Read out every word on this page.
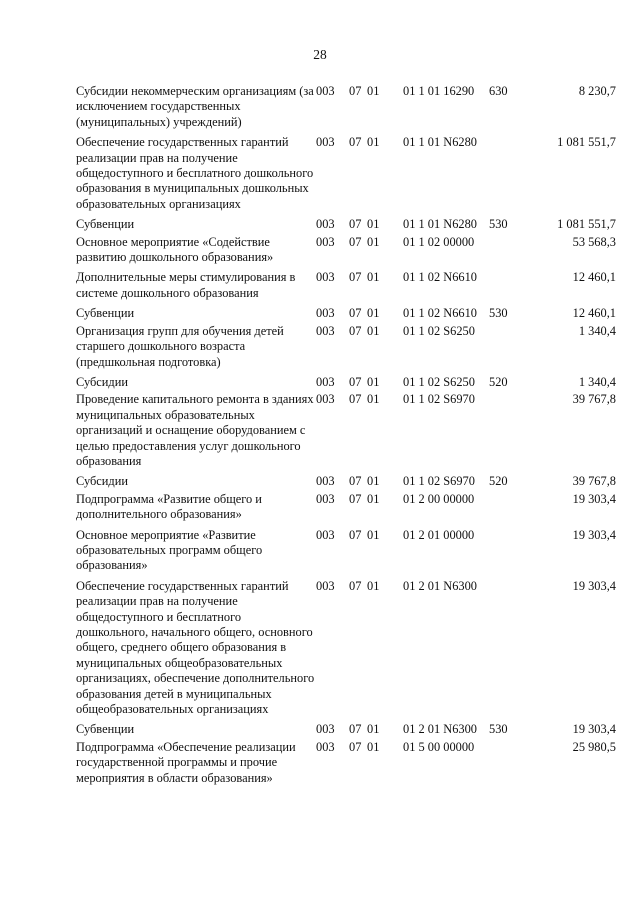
28
Субсидии некоммерческим организациям (за исключением государственных (муниципальных) учреждений)
003	07 01	01 1 01 16290	630	8 230,7
Обеспечение государственных гарантий реализации прав на получение общедоступного и бесплатного дошкольного образования в муниципальных дошкольных образовательных организациях
003	07 01	01 1 01 N6280	1 081 551,7
Субвенции	003	07 01	01 1 01 N6280 530	1 081 551,7
Основное мероприятие «Содействие развитию дошкольного образования»
003	07 01	01 1 02 00000	53 568,3
Дополнительные меры стимулирования в системе дошкольного образования
003	07 01	01 1 02 N6610	12 460,1
Субвенции	003	07 01	01 1 02 N6610 530	12 460,1
Организация групп для обучения детей старшего дошкольного возраста (предшкольная подготовка)
003	07 01	01 1 02 S6250	1 340,4
Субсидии	003	07 01	01 1 02 S6250	520	1 340,4
Проведение капитального ремонта в зданиях муниципальных образовательных организаций и оснащение оборудованием с целью предоставления услуг дошкольного образования
003	07 01	01 1 02 S6970	39 767,8
Субсидии	003	07 01	01 1 02 S6970	520	39 767,8
Подпрограмма «Развитие общего и дополнительного образования»
003	07 01	01 2 00 00000	19 303,4
Основное мероприятие «Развитие образовательных программ общего образования»
003	07 01	01 2 01 00000	19 303,4
Обеспечение государственных гарантий реализации прав на получение общедоступного и бесплатного дошкольного, начального общего, основного общего, среднего общего образования в муниципальных общеобразовательных организациях, обеспечение дополнительного образования детей в муниципальных общеобразовательных организациях
003	07 01	01 2 01 N6300	19 303,4
Субвенции	003	07 01	01 2 01 N6300 530	19 303,4
Подпрограмма «Обеспечение реализации государственной программы и прочие мероприятия в области образования»
003	07 01	01 5 00 00000	25 980,5
